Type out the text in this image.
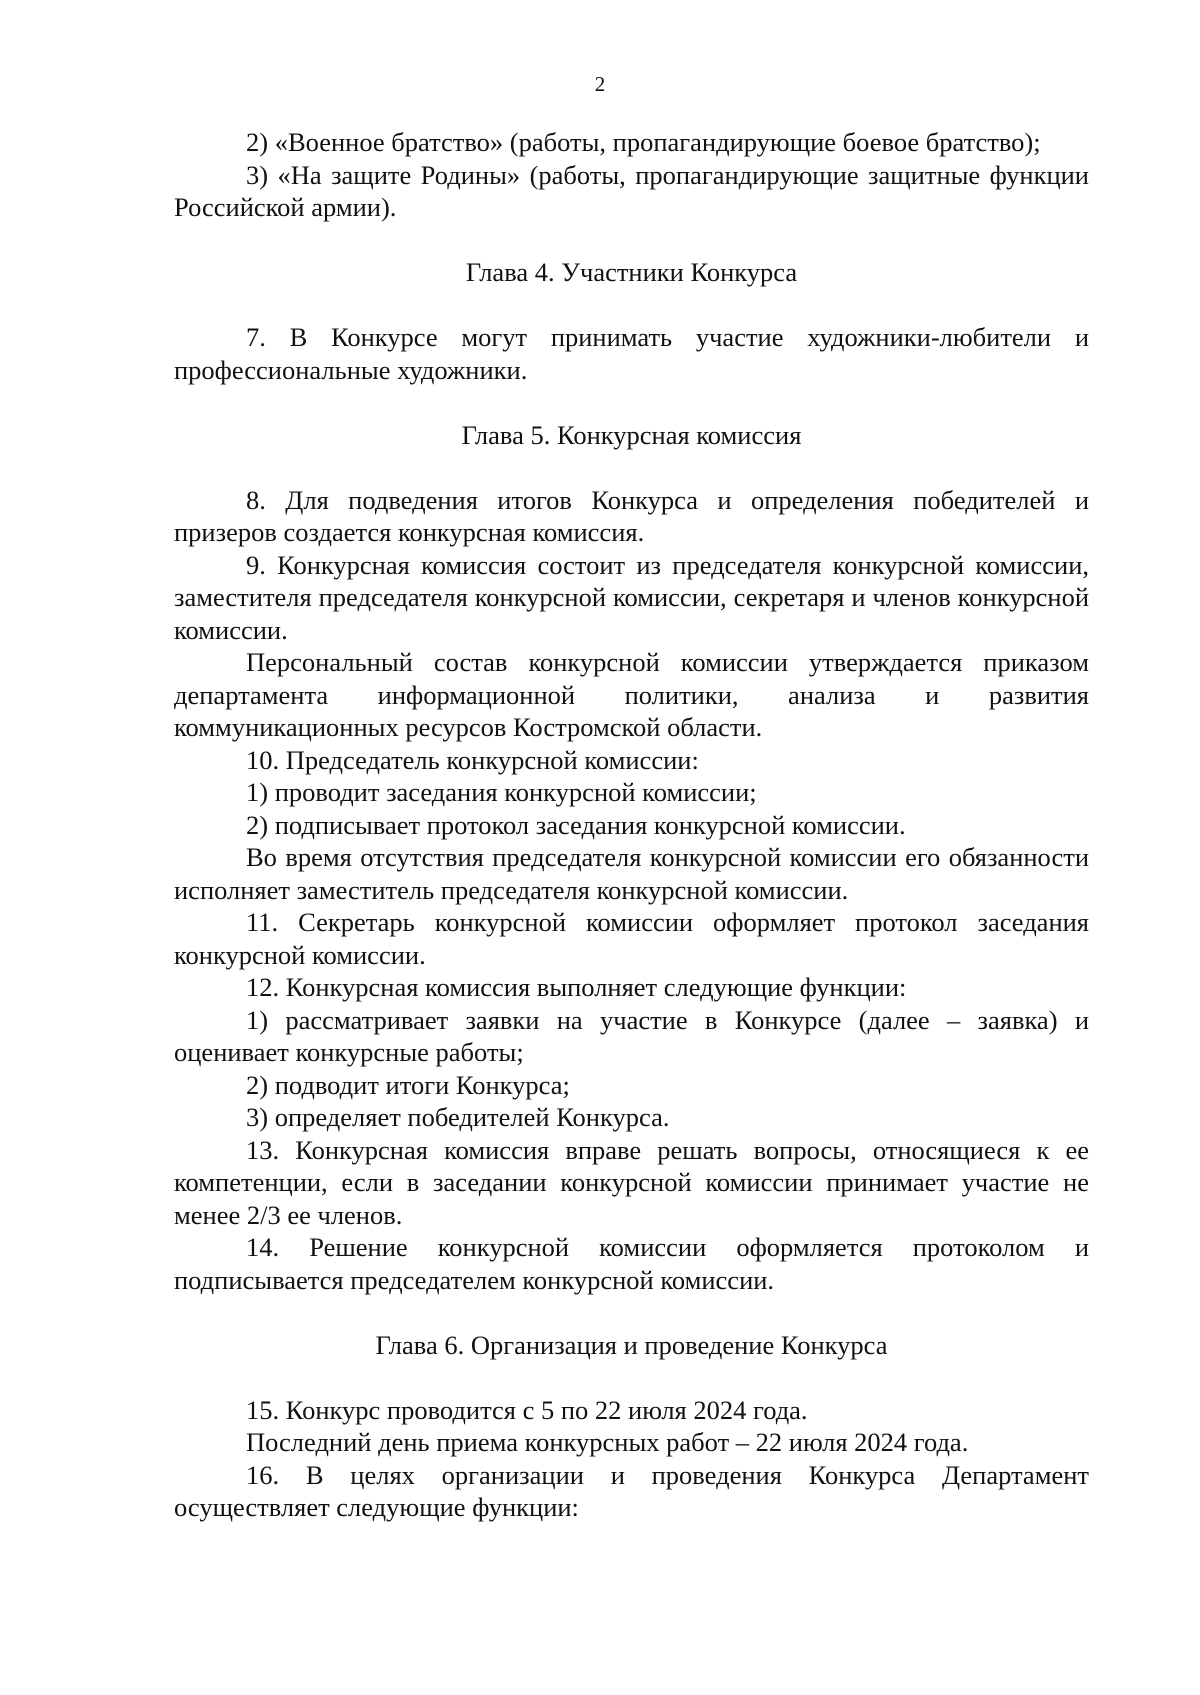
2

2) «Военное братство» (работы, пропагандирующие боевое братство);

3) «На защите Родины» (работы, пропагандирующие защитные функции Российской армии).

Глава 4. Участники Конкурса

7. В Конкурсе могут принимать участие художники-любители и профессиональные художники.

Глава 5. Конкурсная комиссия

8. Для подведения итогов Конкурса и определения победителей и призеров создается конкурсная комиссия.

9. Конкурсная комиссия состоит из председателя конкурсной комиссии, заместителя председателя конкурсной комиссии, секретаря и членов конкурсной комиссии.

Персональный состав конкурсной комиссии утверждается приказом департамента информационной политики, анализа и развития коммуникационных ресурсов Костромской области.

10. Председатель конкурсной комиссии:

1) проводит заседания конкурсной комиссии;

2) подписывает протокол заседания конкурсной комиссии.

Во время отсутствия председателя конкурсной комиссии его обязанности исполняет заместитель председателя конкурсной комиссии.

11. Секретарь конкурсной комиссии оформляет протокол заседания конкурсной комиссии.

12. Конкурсная комиссия выполняет следующие функции:

1) рассматривает заявки на участие в Конкурсе (далее – заявка) и оценивает конкурсные работы;

2) подводит итоги Конкурса;

3) определяет победителей Конкурса.

13. Конкурсная комиссия вправе решать вопросы, относящиеся к ее компетенции, если в заседании конкурсной комиссии принимает участие не менее 2/3 ее членов.

14. Решение конкурсной комиссии оформляется протоколом и подписывается председателем конкурсной комиссии.

Глава 6. Организация и проведение Конкурса

15. Конкурс проводится с 5 по 22 июля 2024 года.

Последний день приема конкурсных работ – 22 июля 2024 года.

16. В целях организации и проведения Конкурса Департамент осуществляет следующие функции:
